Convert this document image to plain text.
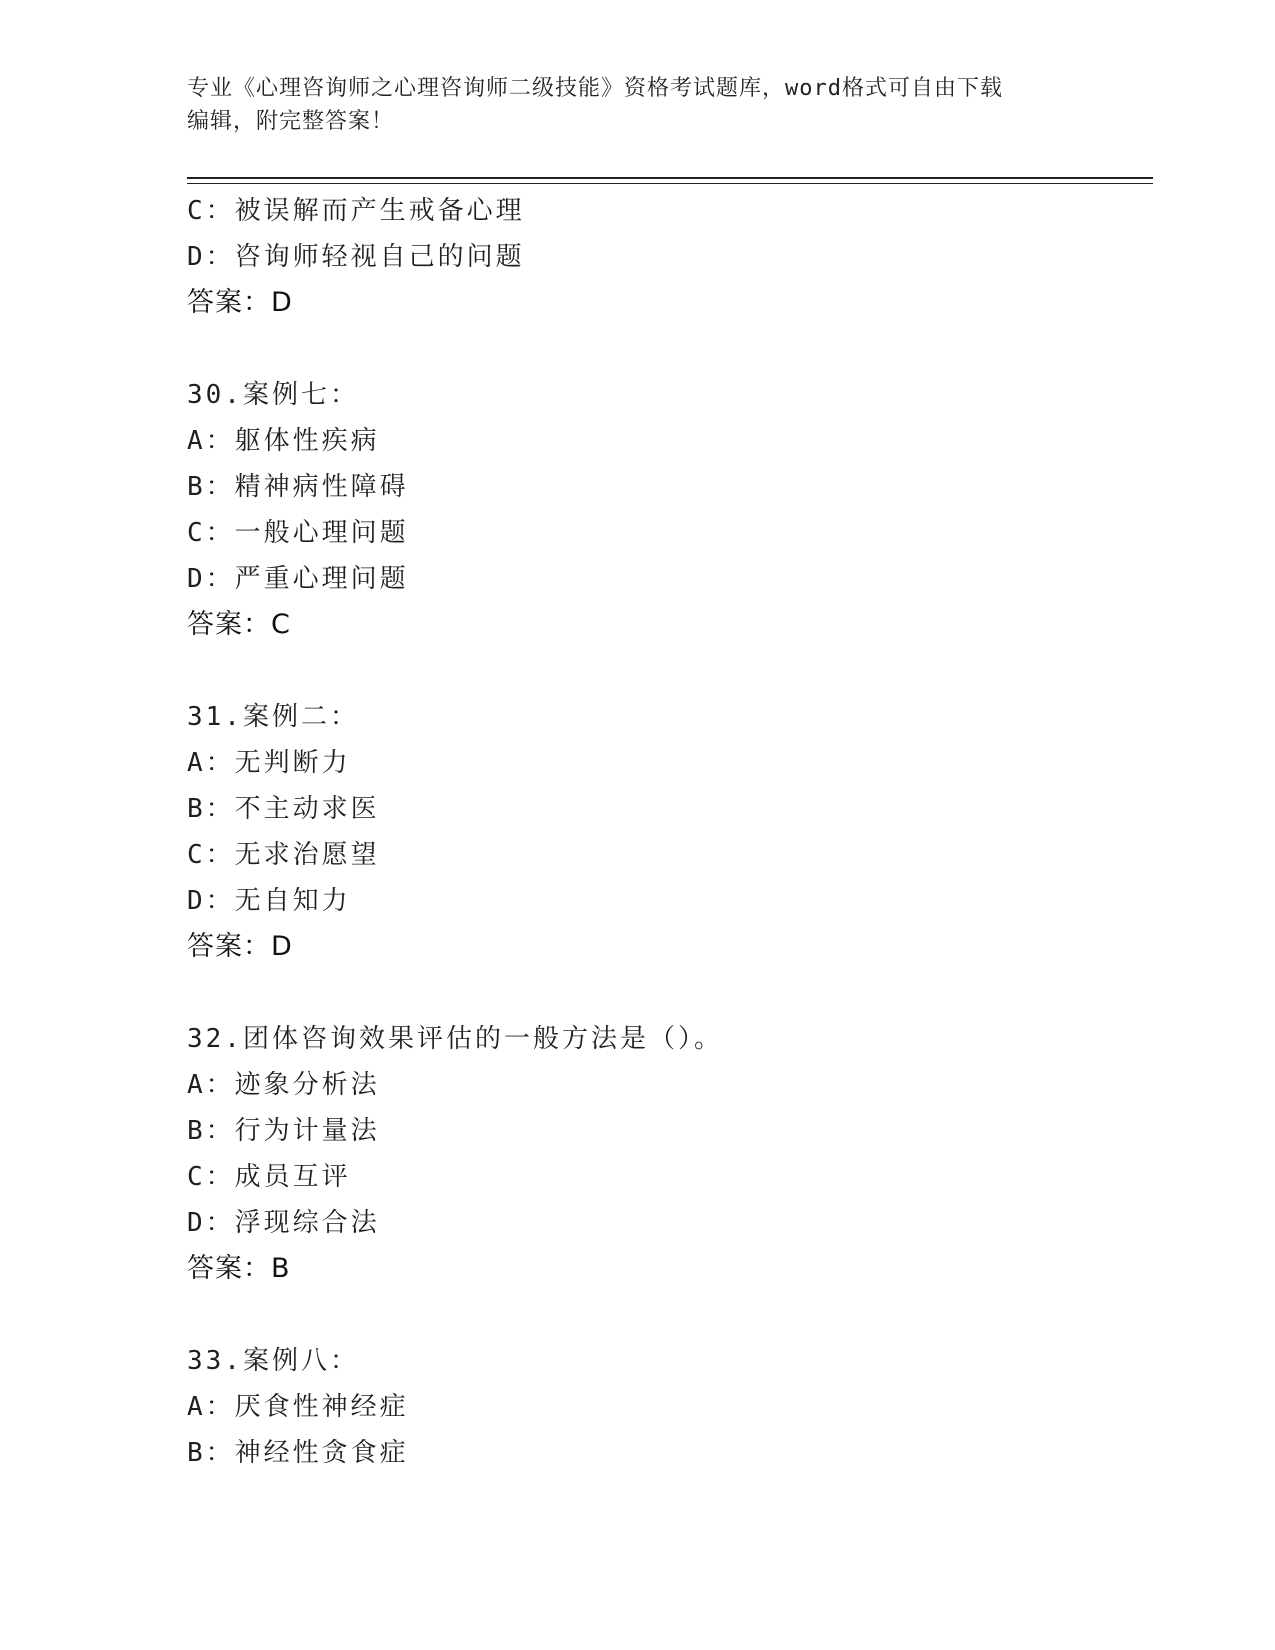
专业《心理咨询师之心理咨询师二级技能》资格考试题库，word格式可自由下载
编辑，附完整答案！
C：被误解而产生戒备心理
D：咨询师轻视自己的问题
答案：D
30.案例七：
A：躯体性疾病
B：精神病性障碍
C：一般心理问题
D：严重心理问题
答案：C
31.案例二：
A：无判断力
B：不主动求医
C：无求治愿望
D：无自知力
答案：D
32.团体咨询效果评估的一般方法是（）。
A：迹象分析法
B：行为计量法
C：成员互评
D：浮现综合法
答案：B
33.案例八：
A：厌食性神经症
B：神经性贪食症
